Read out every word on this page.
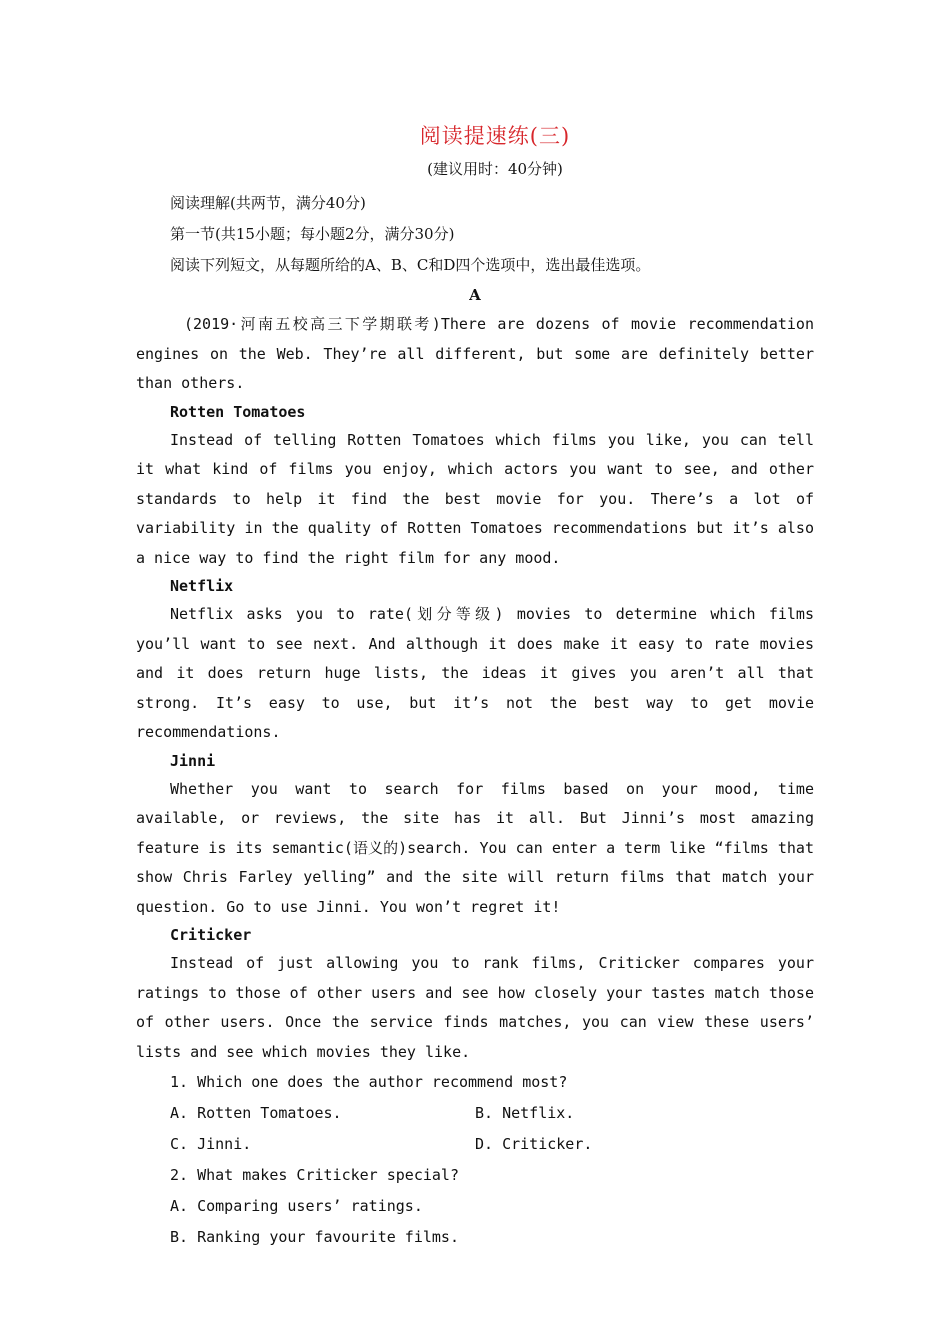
阅读提速练(三)
(建议用时：40分钟)
阅读理解(共两节，满分40分)
第一节(共15小题；每小题2分，满分30分)
阅读下列短文，从每题所给的A、B、C和D四个选项中，选出最佳选项。
A

(2019·河南五校高三下学期联考)There are dozens of movie recommendation engines on the Web. They’re all different, but some are definitely better than others.

Rotten Tomatoes

Instead of telling Rotten Tomatoes which films you like, you can tell it what kind of films you enjoy, which actors you want to see, and other standards to help it find the best movie for you. There’s a lot of variability in the quality of Rotten Tomatoes recommendations but it’s also a nice way to find the right film for any mood.

Netflix

Netflix asks you to rate(划分等级) movies to determine which films you’ll want to see next. And although it does make it easy to rate movies and it does return huge lists, the ideas it gives you aren’t all that strong. It’s easy to use, but it’s not the best way to get movie recommendations.

Jinni

Whether you want to search for films based on your mood, time available, or reviews, the site has it all. But Jinni’s most amazing feature is its semantic(语义的)search. You can enter a term like “films that show Chris Farley yelling” and the site will return films that match your question. Go to use Jinni. You won’t regret it!

Criticker

Instead of just allowing you to rank films, Criticker compares your ratings to those of other users and see how closely your tastes match those of other users. Once the service finds matches, you can view these users’ lists and see which movies they like.

1. Which one does the author recommend most?
A. Rotten Tomatoes.	B. Netflix.
C. Jinni.	D. Criticker.
2. What makes Criticker special?
A. Comparing users’ ratings.
B. Ranking your favourite films.
